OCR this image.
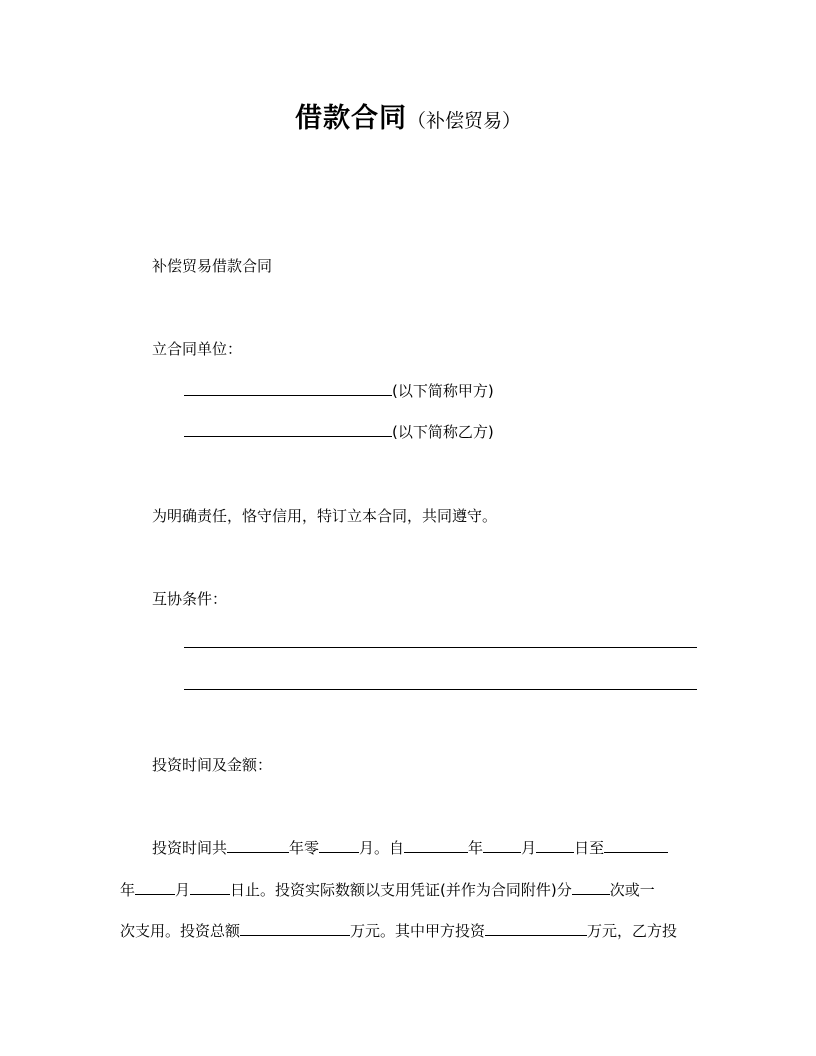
借款合同（补偿贸易）
补偿贸易借款合同
立合同单位：
(以下简称甲方)
(以下简称乙方)
为明确责任，恪守信用，特订立本合同，共同遵守。
互协条件：
投资时间及金额：
投资时间共	年零	月。自	年	月	日至
年	月	日止。投资实际数额以支用凭证(并作为合同附件)分	次或一
次支用。投资总额	万元。其中甲方投资	万元，乙方投
